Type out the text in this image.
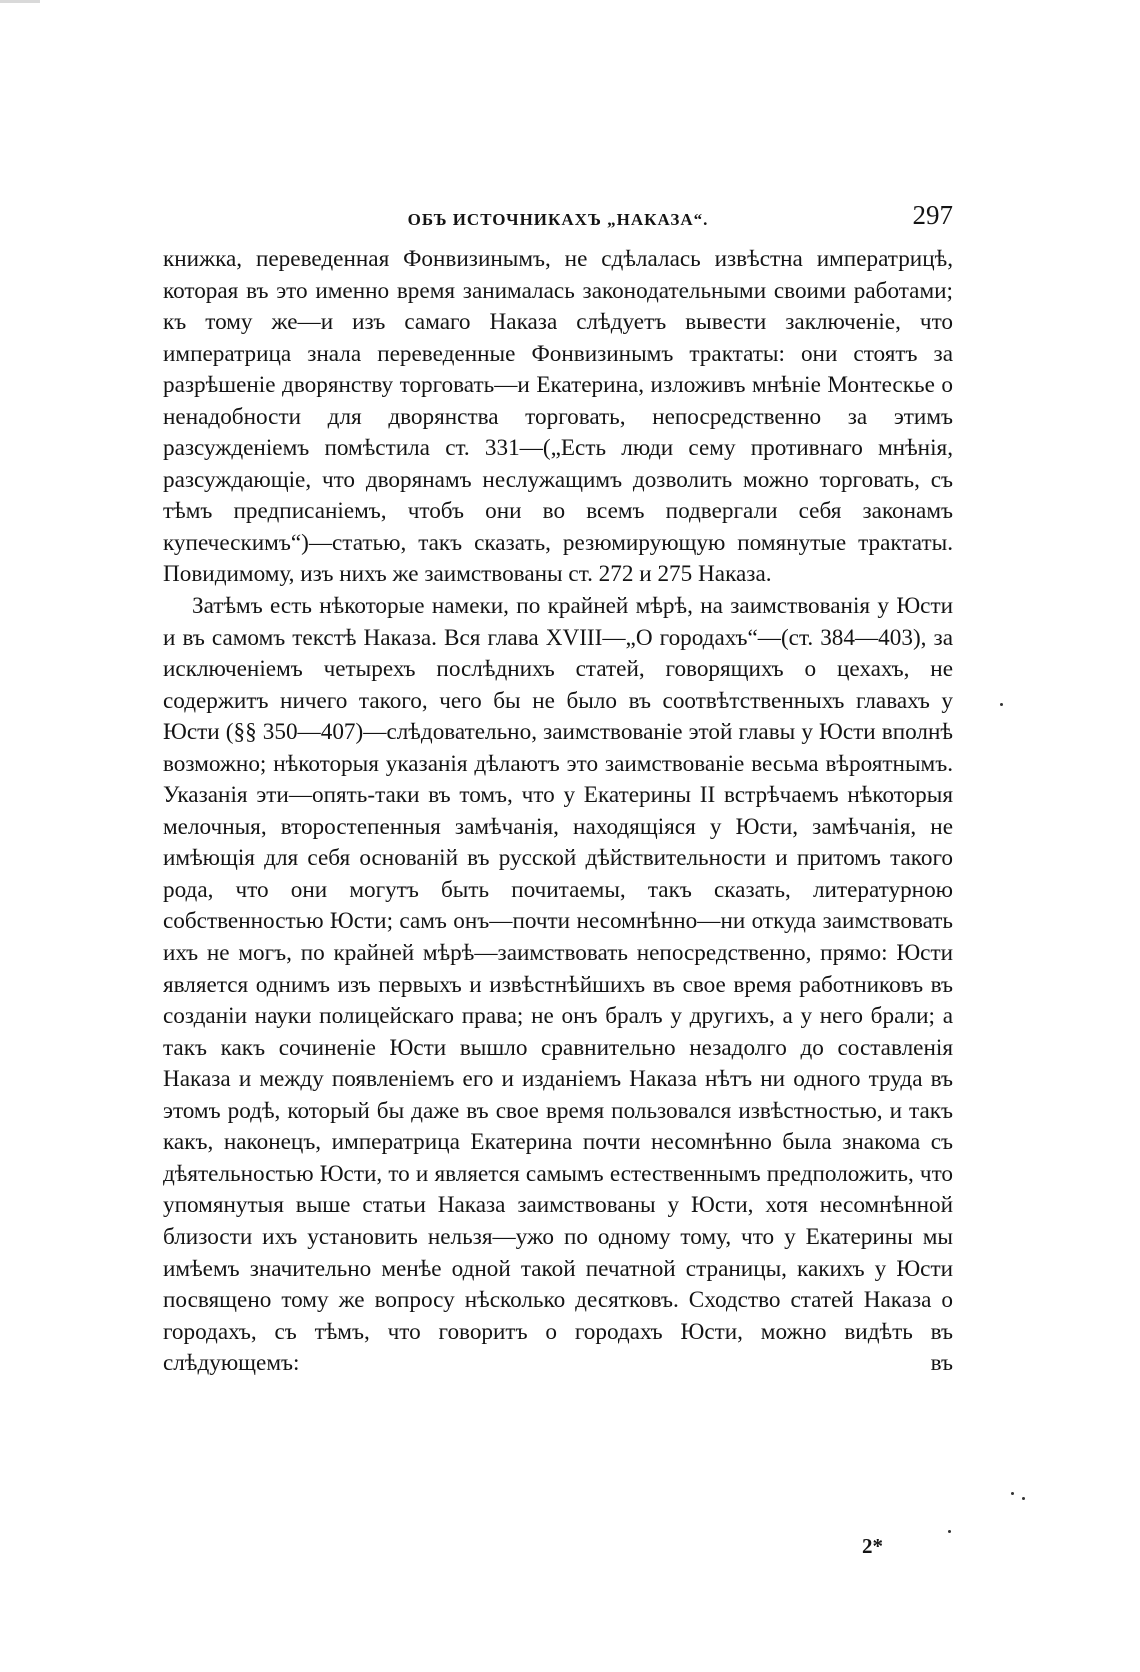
ОБЪ ИСТОЧНИКАХЪ „НАКАЗА“.	297

книжка, переведенная Фонвизинымъ, не сдѣлалась извѣстна императрицѣ, которая въ это именно время занималась законодательными своими работами; къ тому же—и изъ самаго Наказа слѣдуетъ вывести заключеніе, что императрица знала переведенные Фонвизинымъ трактаты: они стоятъ за разрѣшеніе дворянству торговать—и Екатерина, изложивъ мнѣніе Монтескье о ненадобности для дворянства торговать, непосредственно за этимъ разсужденіемъ помѣстила ст. 331—(„Есть люди сему противнаго мнѣнія, разсуждающіе, что дворянамъ неслужащимъ дозволить можно торговать, съ тѣмъ предписаніемъ, чтобъ они во всемъ подвергали себя законамъ купеческимъ“)—статью, такъ сказать, резюмирующую помянутые трактаты. Повидимому, изъ нихъ же заимствованы ст. 272 и 275 Наказа.

Затѣмъ есть нѣкоторые намеки, по крайней мѣрѣ, на заимствованія у Юсти и въ самомъ текстѣ Наказа. Вся глава XVIII—„О городахъ“—(ст. 384—403), за исключеніемъ четырехъ послѣднихъ статей, говорящихъ о цехахъ, не содержитъ ничего такого, чего бы не было въ соотвѣтственныхъ главахъ у Юсти (§§ 350—407)—слѣдовательно, заимствованіе этой главы у Юсти вполнѣ возможно; нѣкоторыя указанія дѣлаютъ это заимствованіе весьма вѣроятнымъ. Указанія эти—опять-таки въ томъ, что у Екатерины II встрѣчаемъ нѣкоторыя мелочныя, второстепенныя замѣчанія, находящіяся у Юсти, замѣчанія, не имѣющія для себя основаній въ русской дѣйствительности и притомъ такого рода, что они могутъ быть почитаемы, такъ сказать, литературною собственностью Юсти; самъ онъ—почти несомнѣнно—ни откуда заимствовать ихъ не могъ, по крайней мѣрѣ—заимствовать непосредственно, прямо: Юсти является однимъ изъ первыхъ и извѣстнѣйшихъ въ свое время работниковъ въ созданіи науки полицейскаго права; не онъ бралъ у другихъ, а у него брали; а такъ какъ сочиненіе Юсти вышло сравнительно незадолго до составленія Наказа и между появленіемъ его и изданіемъ Наказа нѣтъ ни одного труда въ этомъ родѣ, который бы даже въ свое время пользовался извѣстностью, и такъ какъ, наконецъ, императрица Екатерина почти несомнѣнно была знакома съ дѣятельностью Юсти, то и является самымъ естественнымъ предположить, что упомянутыя выше статьи Наказа заимствованы у Юсти, хотя несомнѣнной близости ихъ установить нельзя—ужо по одному тому, что у Екатерины мы имѣемъ значительно менѣе одной такой печатной страницы, какихъ у Юсти посвящено тому же вопросу нѣсколько десятковъ. Сходство статей Наказа о городахъ, съ тѣмъ, что говоритъ о городахъ Юсти, можно видѣть въ слѣдующемъ: въ

2*
